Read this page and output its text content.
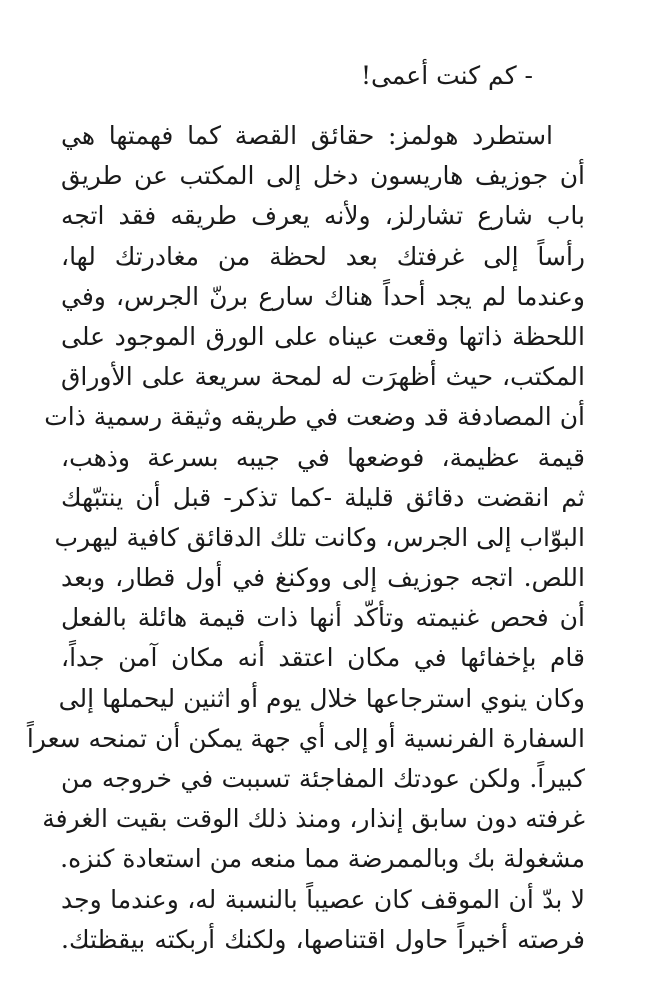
- كم كنت أعمى!
استطرد هولمز: حقائق القصة كما فهمتها هي
أن جوزيف هاريسون دخل إلى المكتب عن طريق
باب شارع تشارلز، ولأنه يعرف طريقه فقد اتجه
رأساً إلى غرفتك بعد لحظة من مغادرتك لها،
وعندما لم يجد أحداً هناك سارع برنّ الجرس، وفي
اللحظة ذاتها وقعت عيناه على الورق الموجود على
المكتب، حيث أظهرَت له لمحة سريعة على الأوراق
أن المصادفة قد وضعت في طريقه وثيقة رسمية ذات
قيمة عظيمة، فوضعها في جيبه بسرعة وذهب،
ثم انقضت دقائق قليلة -كما تذكر- قبل أن ينتبّهك
البوّاب إلى الجرس، وكانت تلك الدقائق كافية ليهرب
اللص. اتجه جوزيف إلى ووكنغ في أول قطار، وبعد
أن فحص غنيمته وتأكّد أنها ذات قيمة هائلة بالفعل
قام بإخفائها في مكان اعتقد أنه مكان آمن جداً،
وكان ينوي استرجاعها خلال يوم أو اثنين ليحملها إلى
السفارة الفرنسية أو إلى أي جهة يمكن أن تمنحه سعراً
كبيراً. ولكن عودتك المفاجئة تسببت في خروجه من
غرفته دون سابق إنذار، ومنذ ذلك الوقت بقيت الغرفة
مشغولة بك وبالممرضة مما منعه من استعادة كنزه.
لا بدّ أن الموقف كان عصيباً بالنسبة له، وعندما وجد
فرصته أخيراً حاول اقتناصها، ولكنك أربكته بيقظتك.
